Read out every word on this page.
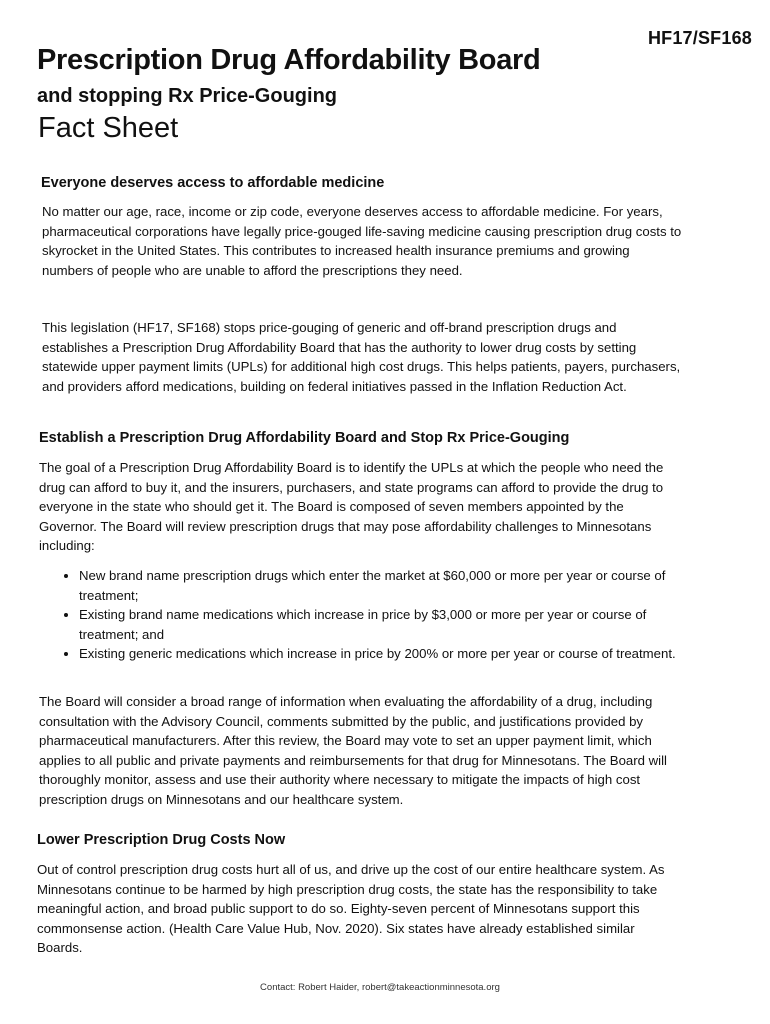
HF17/SF168
Prescription Drug Affordability Board
and stopping Rx Price-Gouging
Fact Sheet
Everyone deserves access to affordable medicine

No matter our age, race, income or zip code, everyone deserves access to affordable medicine. For years, pharmaceutical corporations have legally price-gouged life-saving medicine causing prescription drug costs to skyrocket in the United States. This contributes to increased health insurance premiums and growing numbers of people who are unable to afford the prescriptions they need.

This legislation (HF17, SF168) stops price-gouging of generic and off-brand prescription drugs and establishes a Prescription Drug Affordability Board that has the authority to lower drug costs by setting statewide upper payment limits (UPLs) for additional high cost drugs. This helps patients, payers, purchasers, and providers afford medications, building on federal initiatives passed in the Inflation Reduction Act.

Establish a Prescription Drug Affordability Board and Stop Rx Price-Gouging

The goal of a Prescription Drug Affordability Board is to identify the UPLs at which the people who need the drug can afford to buy it, and the insurers, purchasers, and state programs can afford to provide the drug to everyone in the state who should get it. The Board is composed of seven members appointed by the Governor. The Board will review prescription drugs that may pose affordability challenges to Minnesotans including:

• New brand name prescription drugs which enter the market at $60,000 or more per year or course of treatment;
• Existing brand name medications which increase in price by $3,000 or more per year or course of treatment; and
• Existing generic medications which increase in price by 200% or more per year or course of treatment.

The Board will consider a broad range of information when evaluating the affordability of a drug, including consultation with the Advisory Council, comments submitted by the public, and justifications provided by pharmaceutical manufacturers. After this review, the Board may vote to set an upper payment limit, which applies to all public and private payments and reimbursements for that drug for Minnesotans. The Board will thoroughly monitor, assess and use their authority where necessary to mitigate the impacts of high cost prescription drugs on Minnesotans and our healthcare system.

Lower Prescription Drug Costs Now

Out of control prescription drug costs hurt all of us, and drive up the cost of our entire healthcare system. As Minnesotans continue to be harmed by high prescription drug costs, the state has the responsibility to take meaningful action, and broad public support to do so. Eighty-seven percent of Minnesotans support this commonsense action. (Health Care Value Hub, Nov. 2020). Six states have already established similar Boards.

Contact: Robert Haider, robert@takeactionminnesota.org
